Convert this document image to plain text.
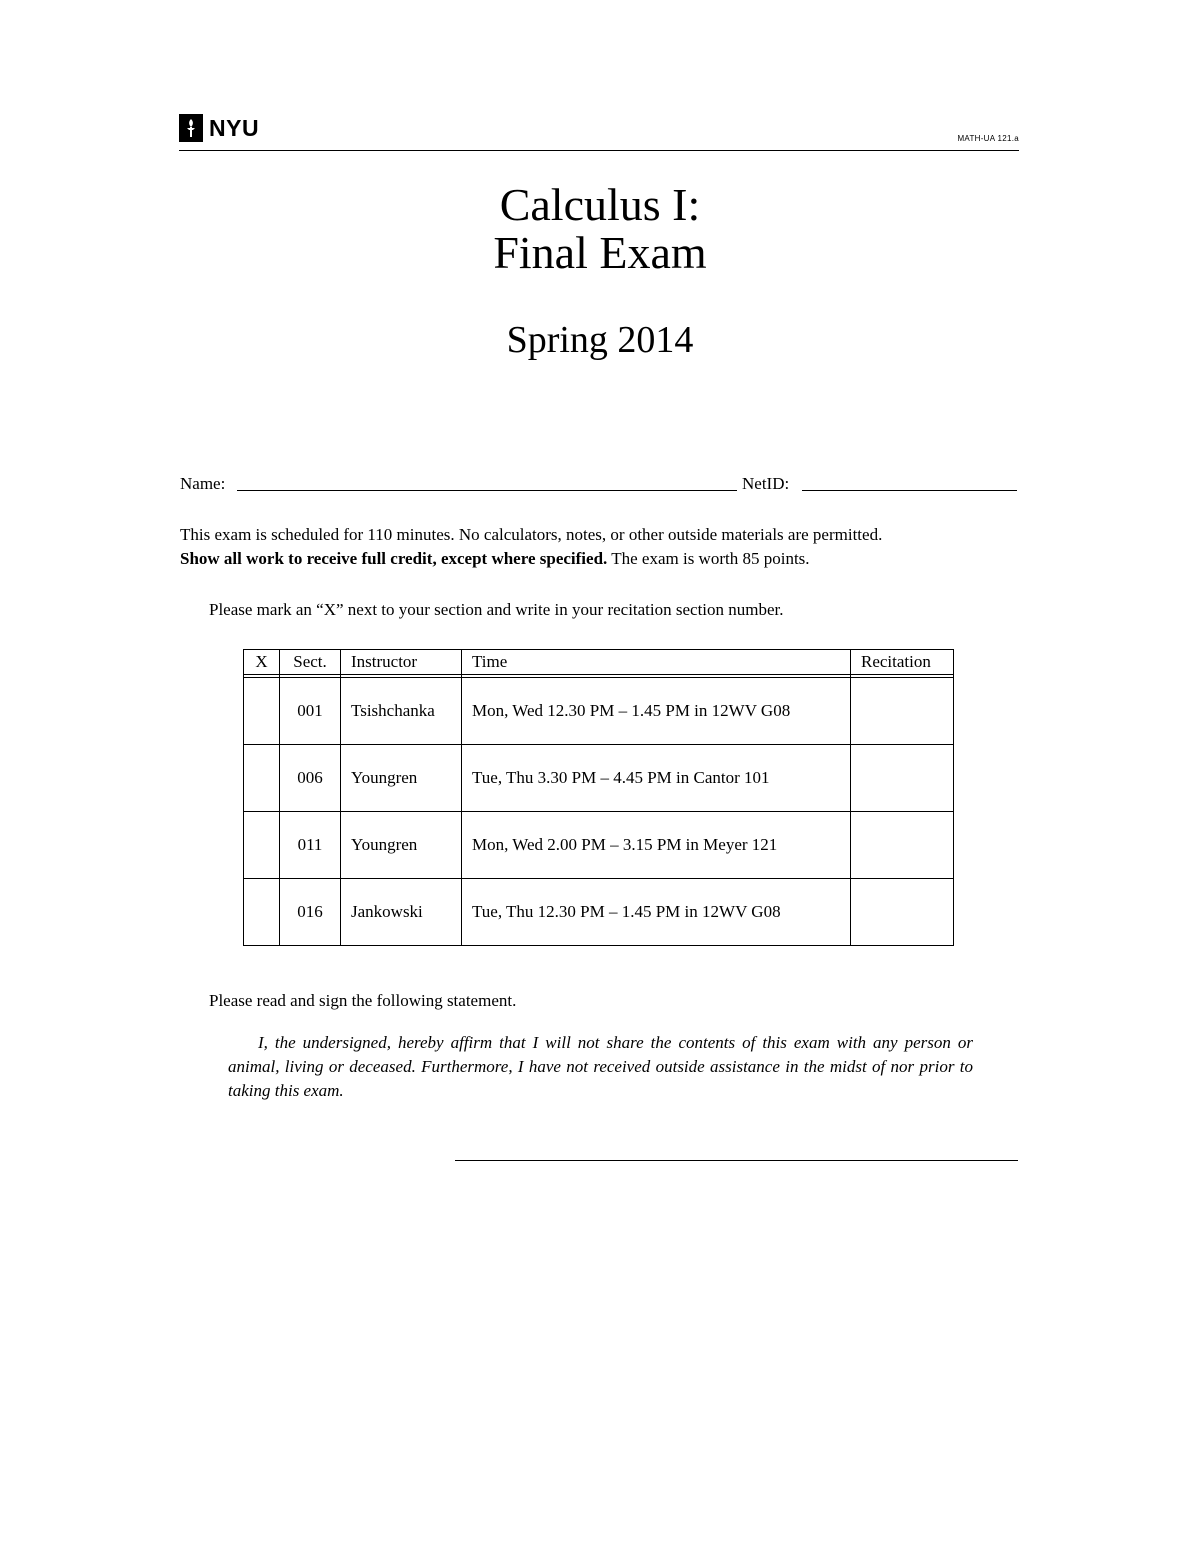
NYU	MATH-UA 121.a
Calculus I:
Final Exam
Spring 2014
Name:	NetID:
This exam is scheduled for 110 minutes. No calculators, notes, or other outside materials are permitted.
Show all work to receive full credit, except where specified. The exam is worth 85 points.
Please mark an “X” next to your section and write in your recitation section number.
X	Sect.	Instructor	Time	Recitation

	001	Tsishchanka	Mon, Wed 12.30 PM – 1.45 PM in 12WV G08	
	006	Youngren	Tue, Thu 3.30 PM – 4.45 PM in Cantor 101	
	011	Youngren	Mon, Wed 2.00 PM – 3.15 PM in Meyer 121	
	016	Jankowski	Tue, Thu 12.30 PM – 1.45 PM in 12WV G08	
Please read and sign the following statement.
I, the undersigned, hereby affirm that I will not share the contents of this exam with any person or animal, living or deceased. Furthermore, I have not received outside assistance in the midst of nor prior to taking this exam.
